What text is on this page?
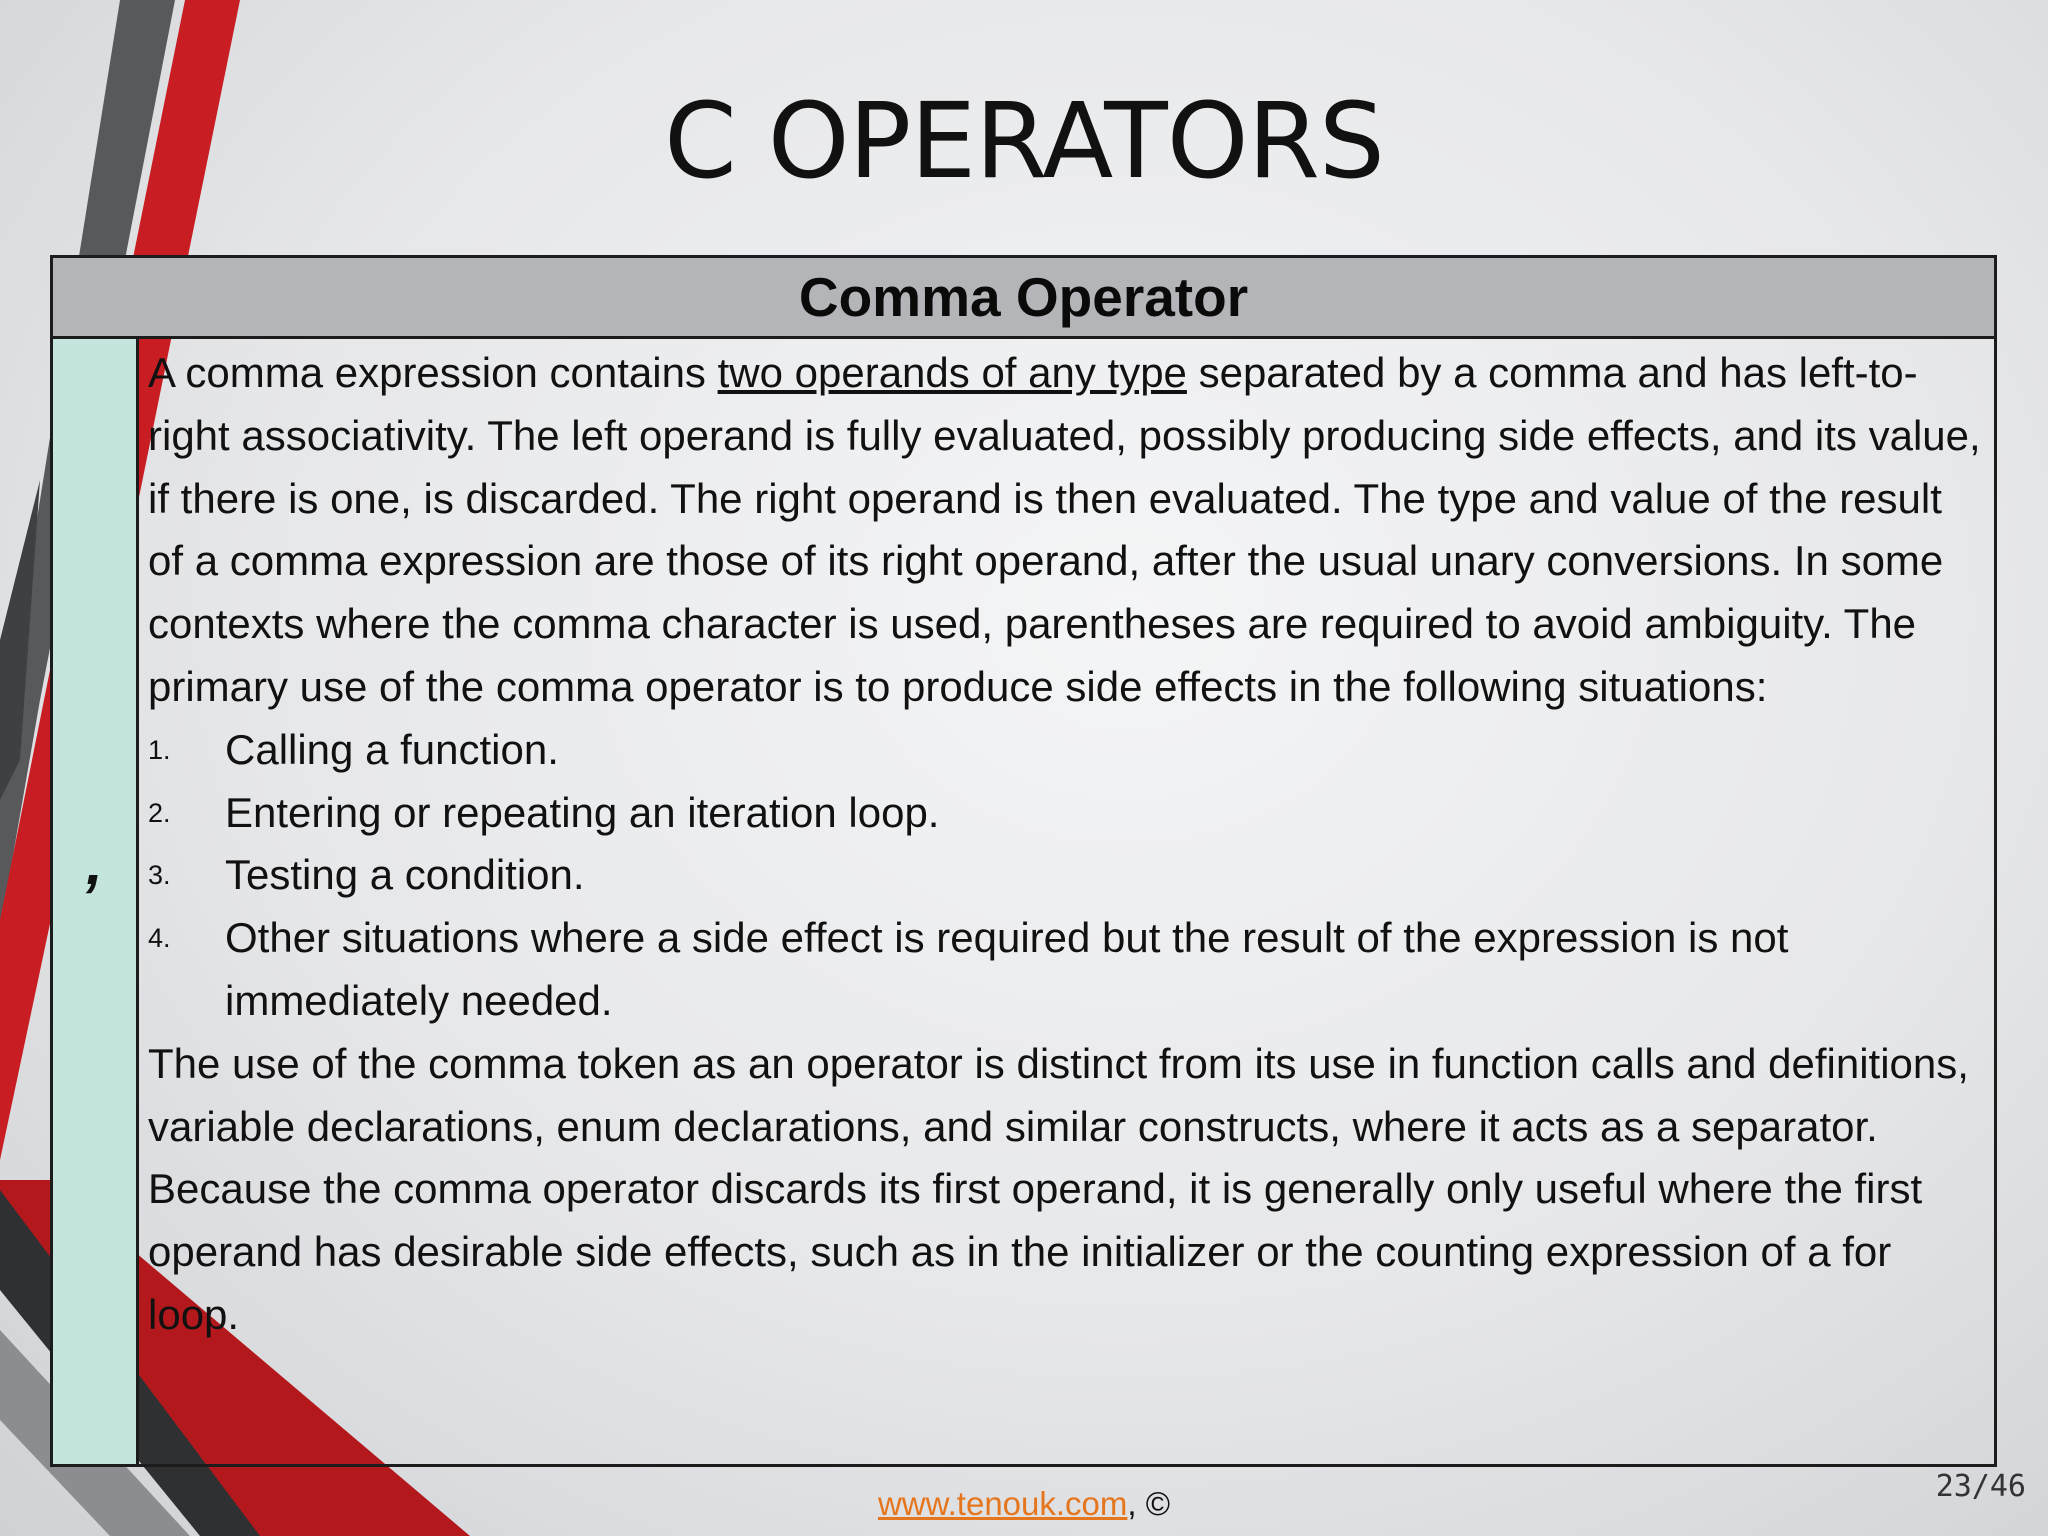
C OPERATORS
Comma Operator
,

A comma expression contains two operands of any type separated by a comma and has left-to-right associativity. The left operand is fully evaluated, possibly producing side effects, and its value, if there is one, is discarded. The right operand is then evaluated. The type and value of the result of a comma expression are those of its right operand, after the usual unary conversions. In some contexts where the comma character is used, parentheses are required to avoid ambiguity. The primary use of the comma operator is to produce side effects in the following situations:

1. Calling a function.
2. Entering or repeating an iteration loop.
3. Testing a condition.
4. Other situations where a side effect is required but the result of the expression is not immediately needed.

The use of the comma token as an operator is distinct from its use in function calls and definitions, variable declarations, enum declarations, and similar constructs, where it acts as a separator.

Because the comma operator discards its first operand, it is generally only useful where the first operand has desirable side effects, such as in the initializer or the counting expression of a for loop.

www.tenouk.com, ©	23/46
